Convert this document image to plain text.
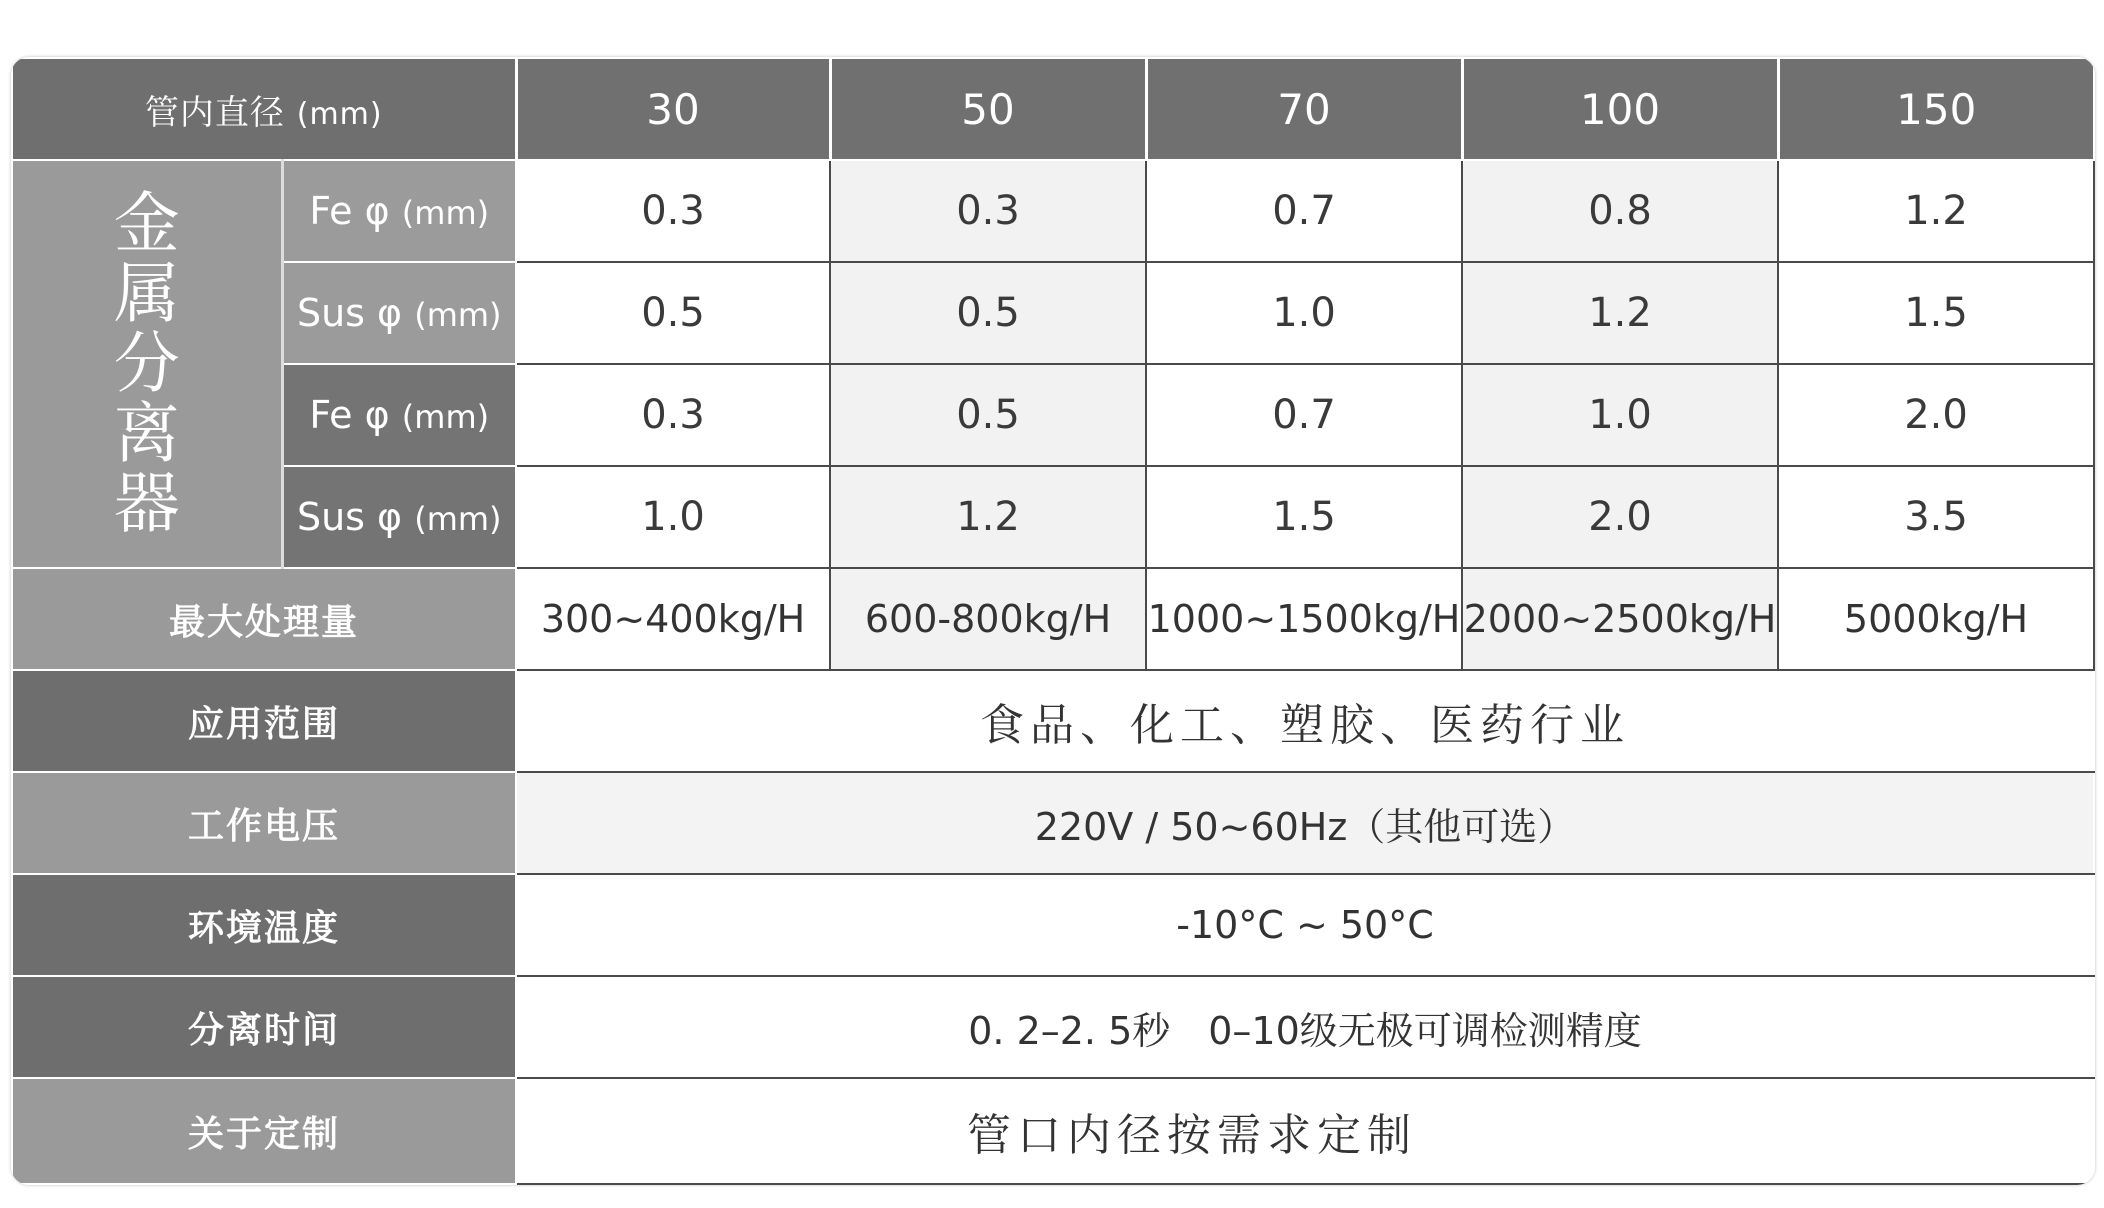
管内直径 (mm)		30	50	70	100	150

金
属
分
离
器	Fe φ (mm)	0.3	0.3	0.7	0.8	1.2
	Sus φ (mm)	0.5	0.5	1.0	1.2	1.5
	Fe φ (mm)	0.3	0.5	0.7	1.0	2.0
	Sus φ (mm)	1.0	1.2	1.5	2.0	3.5
最大处理量		300~400kg/H	600-800kg/H	1000~1500kg/H	2000~2500kg/H	5000kg/H
应用范围		食品、化工、塑胶、医药行业				
工作电压		220V / 50~60Hz（其他可选）				
环境温度		-10°C ~ 50°C				
分离时间		0. 2–2. 5秒　0–10级无极可调检测精度				
关于定制		管口内径按需求定制				
